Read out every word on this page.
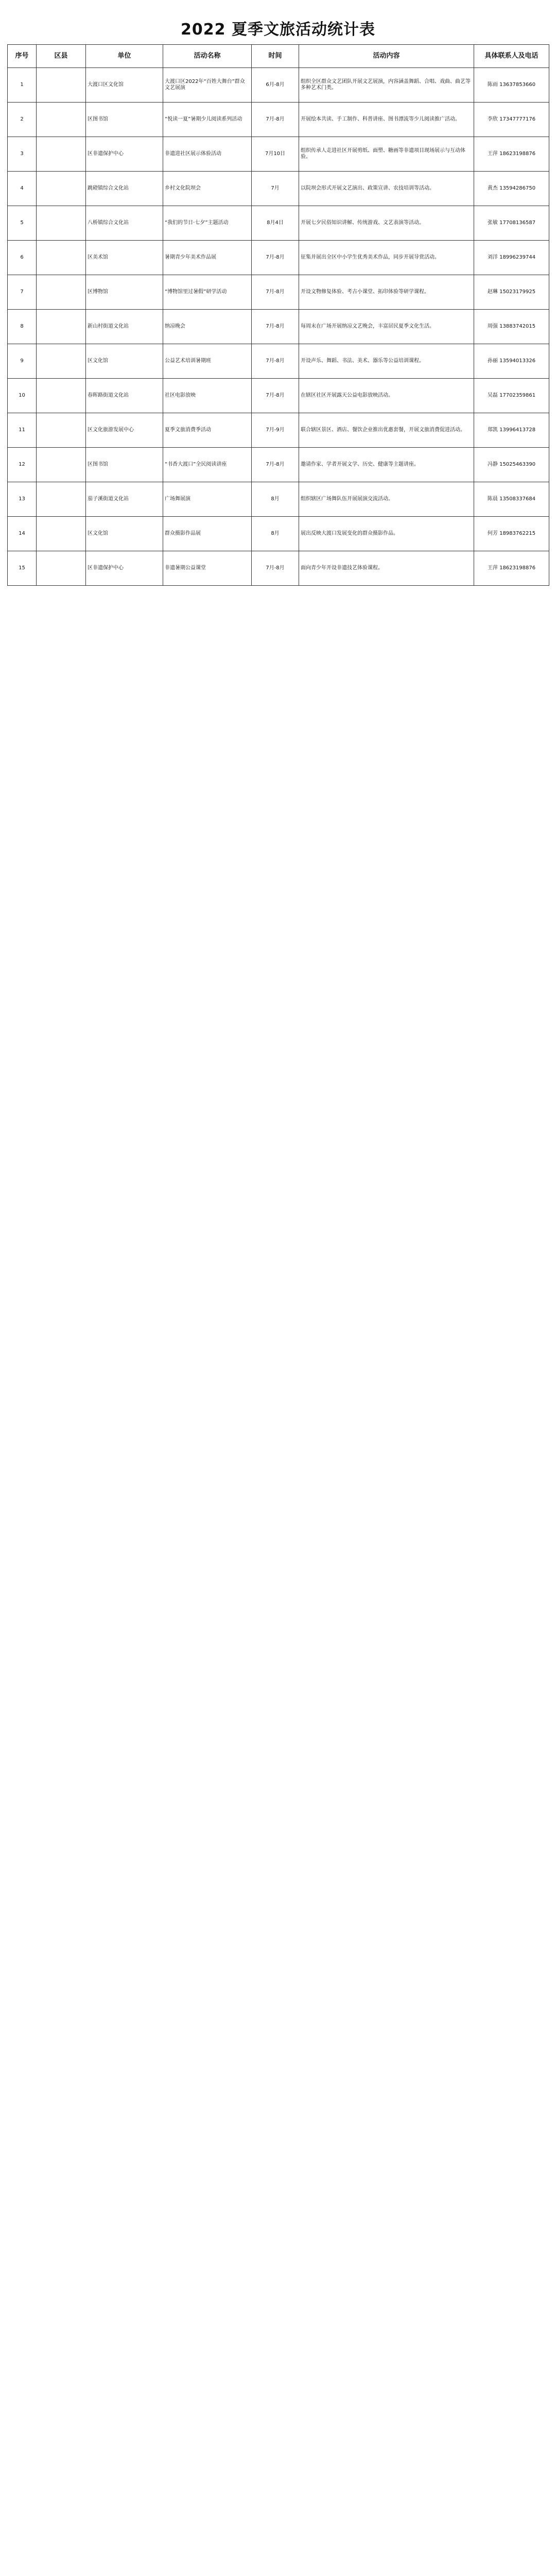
2022 夏季文旅活动统计表
序号	区县	单位	活动名称	时间	活动内容	具体联系人及电话
1		大渡口区文化馆	大渡口区2022年“百姓大舞台”群众文艺展演	6月-8月	组织全区群众文艺团队开展文艺展演，内容涵盖舞蹈、合唱、戏曲、曲艺等多种艺术门类。	陈雨 13637853660
2		区图书馆	“悦读一夏”暑期少儿阅读系列活动	7月-8月	开展绘本共读、手工制作、科普讲座、图书漂流等少儿阅读推广活动。	李欣 17347777176
3		区非遗保护中心	非遗进社区展示体验活动	7月10日	组织传承人走进社区开展剪纸、面塑、糖画等非遗项目现场展示与互动体验。	王萍 18623198876
4		跳磴镇综合文化站	乡村文化院坝会	7月	以院坝会形式开展文艺演出、政策宣讲、农技培训等活动。	黄杰 13594286750
5		八桥镇综合文化站	“我们的节日·七夕”主题活动	8月4日	开展七夕民俗知识讲解、传统游戏、文艺表演等活动。	张敏 17708136587
6		区美术馆	暑期青少年美术作品展	7月-8月	征集并展出全区中小学生优秀美术作品，同步开展导赏活动。	刘洋 18996239744
7		区博物馆	“博物馆里过暑假”研学活动	7月-8月	开设文物修复体验、考古小课堂、拓印体验等研学课程。	赵琳 15023179925
8		新山村街道文化站	纳凉晚会	7月-8月	每周末在广场开展纳凉文艺晚会，丰富居民夏季文化生活。	周强 13883742015
9		区文化馆	公益艺术培训暑期班	7月-8月	开设声乐、舞蹈、书法、美术、器乐等公益培训课程。	孙丽 13594013326
10		春晖路街道文化站	社区电影放映	7月-8月	在辖区社区开展露天公益电影放映活动。	吴磊 17702359861
11		区文化旅游发展中心	夏季文旅消费季活动	7月-9月	联合辖区景区、酒店、餐饮企业推出优惠套餐，开展文旅消费促进活动。	郑凯 13996413728
12		区图书馆	“书香大渡口”全民阅读讲座	7月-8月	邀请作家、学者开展文学、历史、健康等主题讲座。	冯静 15025463390
13		茄子溪街道文化站	广场舞展演	8月	组织辖区广场舞队伍开展展演交流活动。	陈晨 13508337684
14		区文化馆	群众摄影作品展	8月	展出反映大渡口发展变化的群众摄影作品。	何芳 18983762215
15		区非遗保护中心	非遗暑期公益课堂	7月-8月	面向青少年开设非遗技艺体验课程。	王萍 18623198876
